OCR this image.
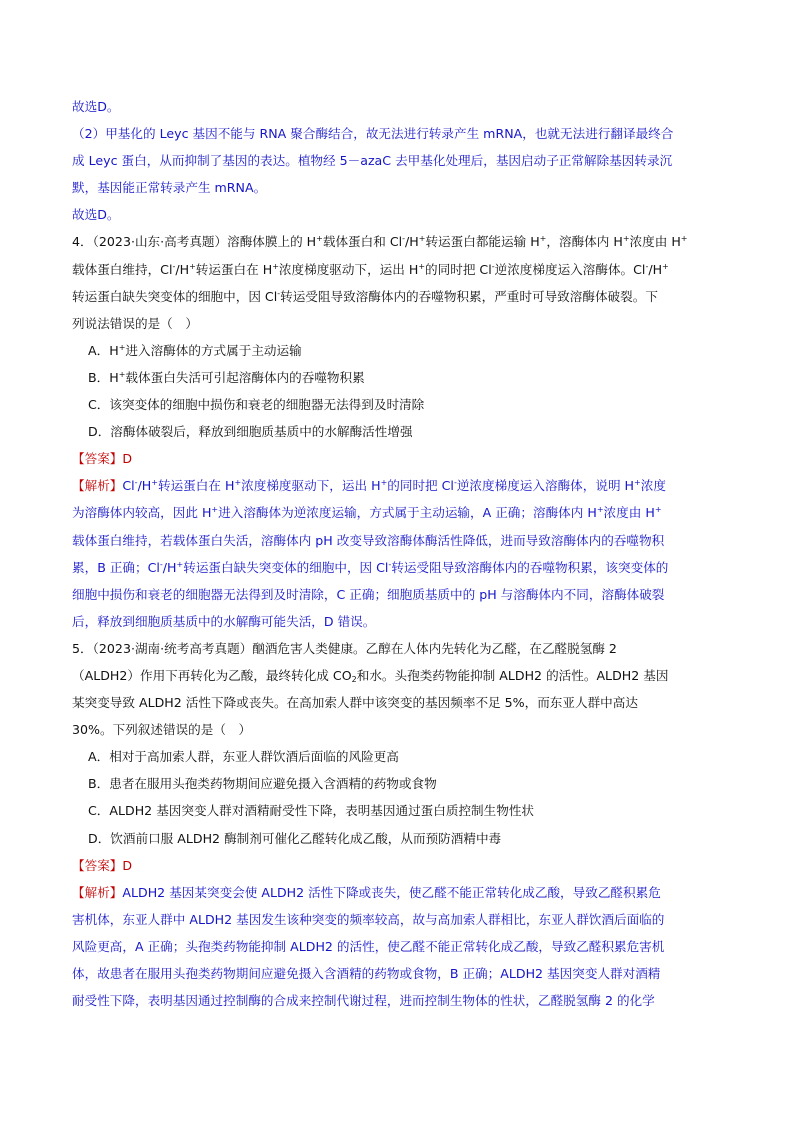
故选D。
（2）甲基化的 Leyc 基因不能与 RNA 聚合酶结合，故无法进行转录产生 mRNA，也就无法进行翻译最终合
成 Leyc 蛋白，从而抑制了基因的表达。植物经 5－azaC 去甲基化处理后，基因启动子正常解除基因转录沉
默，基因能正常转录产生 mRNA。
故选D。
4．（2023·山东·高考真题）溶酶体膜上的 H+载体蛋白和 Cl-/H+转运蛋白都能运输 H+，溶酶体内 H+浓度由 H+
载体蛋白维持，Cl-/H+转运蛋白在 H+浓度梯度驱动下，运出 H+的同时把 Cl-逆浓度梯度运入溶酶体。Cl-/H+
转运蛋白缺失突变体的细胞中，因 Cl-转运受阻导致溶酶体内的吞噬物积累，严重时可导致溶酶体破裂。下
列说法错误的是（　）
A．H+进入溶酶体的方式属于主动运输
B．H+载体蛋白失活可引起溶酶体内的吞噬物积累
C．该突变体的细胞中损伤和衰老的细胞器无法得到及时清除
D．溶酶体破裂后，释放到细胞质基质中的水解酶活性增强
【答案】D
【解析】Cl-/H+转运蛋白在 H+浓度梯度驱动下，运出 H+的同时把 Cl-逆浓度梯度运入溶酶体，说明 H+浓度
为溶酶体内较高，因此 H+进入溶酶体为逆浓度运输，方式属于主动运输，A 正确；溶酶体内 H+浓度由 H+
载体蛋白维持，若载体蛋白失活，溶酶体内 pH 改变导致溶酶体酶活性降低，进而导致溶酶体内的吞噬物积
累，B 正确；Cl-/H+转运蛋白缺失突变体的细胞中，因 Cl-转运受阻导致溶酶体内的吞噬物积累，该突变体的
细胞中损伤和衰老的细胞器无法得到及时清除，C 正确；细胞质基质中的 pH 与溶酶体内不同，溶酶体破裂
后，释放到细胞质基质中的水解酶可能失活，D 错误。
5．（2023·湖南·统考高考真题）酗酒危害人类健康。乙醇在人体内先转化为乙醛，在乙醛脱氢酶 2
（ALDH2）作用下再转化为乙酸，最终转化成 $CO_2$和水。头孢类药物能抑制 ALDH2 的活性。ALDH2 基因
某突变导致 ALDH2 活性下降或丧失。在高加索人群中该突变的基因频率不足 5%，而东亚人群中高达
30%。下列叙述错误的是（　）
A．相对于高加索人群，东亚人群饮酒后面临的风险更高
B．患者在服用头孢类药物期间应避免摄入含酒精的药物或食物
C．ALDH2 基因突变人群对酒精耐受性下降，表明基因通过蛋白质控制生物性状
D．饮酒前口服 ALDH2 酶制剂可催化乙醛转化成乙酸，从而预防酒精中毒
【答案】D
【解析】ALDH2 基因某突变会使 ALDH2 活性下降或丧失，使乙醛不能正常转化成乙酸，导致乙醛积累危
害机体，东亚人群中 ALDH2 基因发生该种突变的频率较高，故与高加索人群相比，东亚人群饮酒后面临的
风险更高，A 正确；头孢类药物能抑制 ALDH2 的活性，使乙醛不能正常转化成乙酸，导致乙醛积累危害机
体，故患者在服用头孢类药物期间应避免摄入含酒精的药物或食物，B 正确；ALDH2 基因突变人群对酒精
耐受性下降，表明基因通过控制酶的合成来控制代谢过程，进而控制生物体的性状，乙醛脱氢酶 2 的化学
